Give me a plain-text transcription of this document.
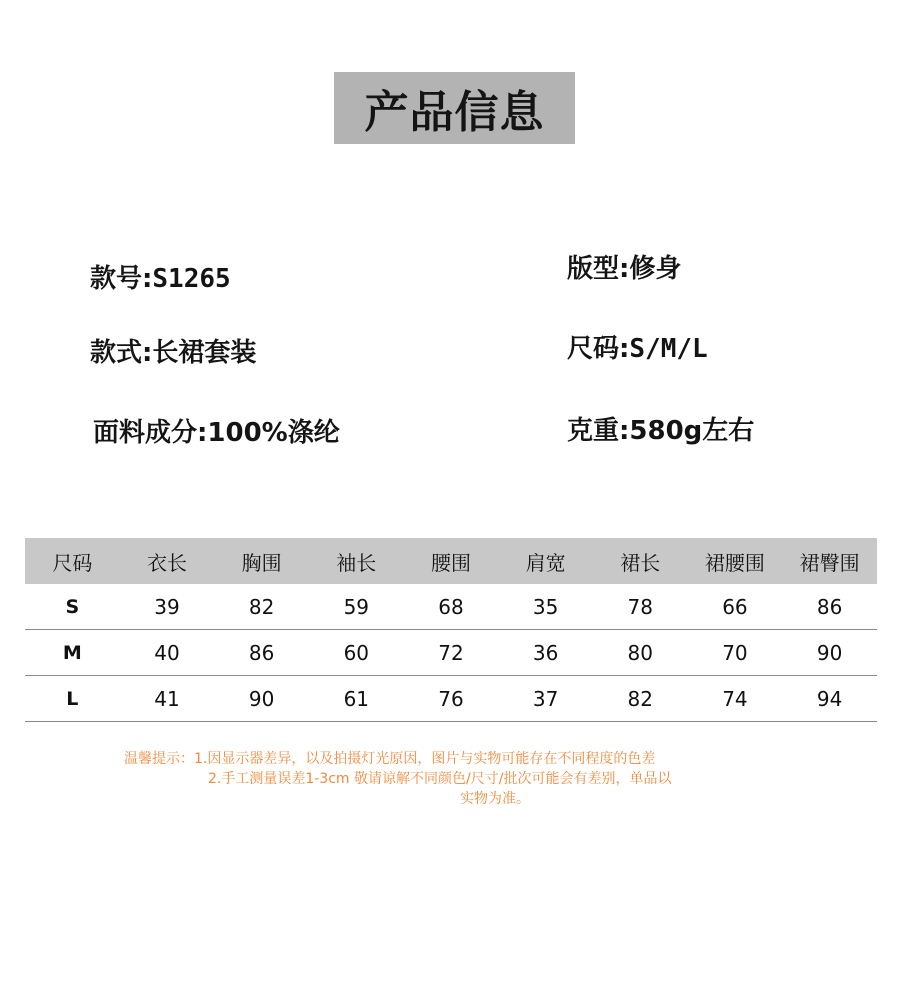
产品信息
款号:S1265
款式:长裙套装
面料成分:100%涤纶
版型:修身
尺码:S/M/L
克重:580g左右
尺码	衣长	胸围	袖长	腰围	肩宽	裙长	裙腰围	裙臀围
S	39	82	59	68	35	78	66	86
M	40	86	60	72	36	80	70	90
L	41	90	61	76	37	82	74	94
温馨提示：1.因显示器差异，以及拍摄灯光原因，图片与实物可能存在不同程度的色差
2.手工测量误差1-3cm 敬请谅解不同颜色/尺寸/批次可能会有差别，单品以
实物为准。
